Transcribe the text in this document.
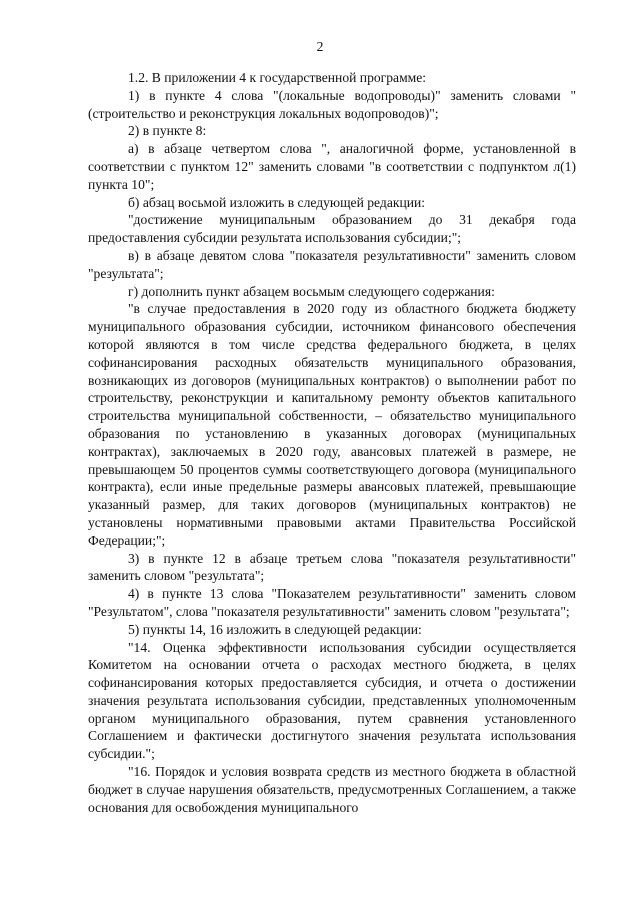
2

1.2. В приложении 4 к государственной программе:

1) в пункте 4 слова "(локальные водопроводы)" заменить словами "(строительство и реконструкция локальных водопроводов)";

2) в пункте 8:

а) в абзаце четвертом слова ", аналогичной форме, установленной в соответствии с пунктом 12" заменить словами "в соответствии с подпунктом л(1) пункта 10";

б) абзац восьмой изложить в следующей редакции:

"достижение муниципальным образованием до 31 декабря года предоставления субсидии результата использования субсидии;";

в) в абзаце девятом слова "показателя результативности" заменить словом "результата";

г) дополнить пункт абзацем восьмым следующего содержания:

"в случае предоставления в 2020 году из областного бюджета бюджету муниципального образования субсидии, источником финансового обеспечения которой являются в том числе средства федерального бюджета, в целях софинансирования расходных обязательств муниципального образования, возникающих из договоров (муниципальных контрактов) о выполнении работ по строительству, реконструкции и капитальному ремонту объектов капитального строительства муниципальной собственности, – обязательство муниципального образования по установлению в указанных договорах (муниципальных контрактах), заключаемых в 2020 году, авансовых платежей в размере, не превышающем 50 процентов суммы соответствующего договора (муниципального контракта), если иные предельные размеры авансовых платежей, превышающие указанный размер, для таких договоров (муниципальных контрактов) не установлены нормативными правовыми актами Правительства Российской Федерации;";

3) в пункте 12 в абзаце третьем слова "показателя результативности" заменить словом "результата";

4) в пункте 13 слова "Показателем результативности" заменить словом "Результатом", слова "показателя результативности" заменить словом "результата";

5) пункты 14, 16 изложить в следующей редакции:

"14. Оценка эффективности использования субсидии осуществляется Комитетом на основании отчета о расходах местного бюджета, в целях софинансирования которых предоставляется субсидия, и отчета о достижении значения результата использования субсидии, представленных уполномоченным органом муниципального образования, путем сравнения установленного Соглашением и фактически достигнутого значения результата использования субсидии.";

"16. Порядок и условия возврата средств из местного бюджета в областной бюджет в случае нарушения обязательств, предусмотренных Соглашением, а также основания для освобождения муниципального
